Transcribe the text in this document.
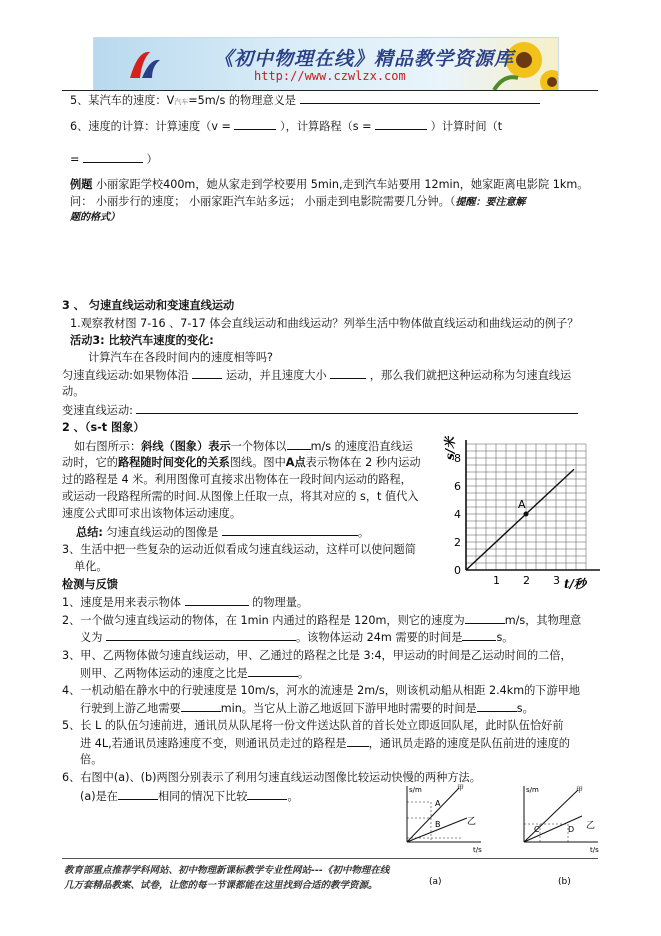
《初中物理在线》精品教学资源库
http://www.czwlzx.com
5、某汽车的速度：V汽车=5m/s 的物理意义是
6、速度的计算：计算速度（v =	），计算路程（s =	）计算时间（t
=	）
例题 小丽家距学校400m，她从家走到学校要用 5min,走到汽车站要用 12min，她家距离电影院 1km。
问： 小丽步行的速度； 小丽家距汽车站多远； 小丽走到电影院需要几分钟。（提醒：要注意解
题的格式）
3 、 匀速直线运动和变速直线运动
1.观察教材图 7-16 、7-17 体会直线运动和曲线运动？列举生活中物体做直线运动和曲线运动的例子？
活动3: 比较汽车速度的变化:
计算汽车在各段时间内的速度相等吗?
匀速直线运动:如果物体沿	运动，并且速度大小	，那么我们就把这种运动称为匀速直线运
动。
变速直线运动:
2 、（s-t 图象）
如右图所示：斜线（图象）表示一个物体以 m/s 的速度沿直线运
动时，它的路程随时间变化的关系图线。图中A点表示物体在 2 秒内运动
过的路程是 4 米。利用图像可直接求出物体在一段时间内运动的路程，
或运动一段路程所需的时间.从图像上任取一点，将其对应的 s，t 值代入
速度公式即可求出该物体运动速度。
总结: 匀速直线运动的图像是	。
3、生活中把一些复杂的运动近似看成匀速直线运动，这样可以使问题简
单化。
8
6
4
2
0
1 2 3
A
s/米
t/秒
检测与反馈
1、速度是用来表示物体	的物理量。
2、一个做匀速直线运动的物体，在 1min 内通过的路程是 120m，则它的速度为	m/s，其物理意
义为	。该物体运动 24m 需要的时间是	s。
3、甲、乙两物体做匀速直线运动，甲、乙通过的路程之比是 3:4，甲运动的时间是乙运动时间的二倍，
则甲、乙两物体运动的速度之比是	。
4、一机动船在静水中的行驶速度是 10m/s，河水的流速是 2m/s，则该机动船从相距 2.4km的下游甲地
行驶到上游乙地需要	min。当它从上游乙地返回下游甲地时需要的时间是	s。
5、长 L 的队伍匀速前进，通讯员从队尾将一份文件送达队首的首长处立即返回队尾，此时队伍恰好前
进 4L,若通讯员速路速度不变，则通讯员走过的路程是 ，通讯员走路的速度是队伍前进的速度的
倍。
6、右图中(a)、(b)两图分别表示了利用匀速直线运动图像比较运动快慢的两种方法。
(a)是在	相同的情况下比较	。	s/m
t/s
甲
乙
A
B
(a)
s/m
t/s
甲
乙
C	D
(b)
教育部重点推荐学科网站、初中物理新课标教学专业性网站---《初中物理在线
几万套精品教案、试卷，让您的每一节课都能在这里找到合适的教学资源。
